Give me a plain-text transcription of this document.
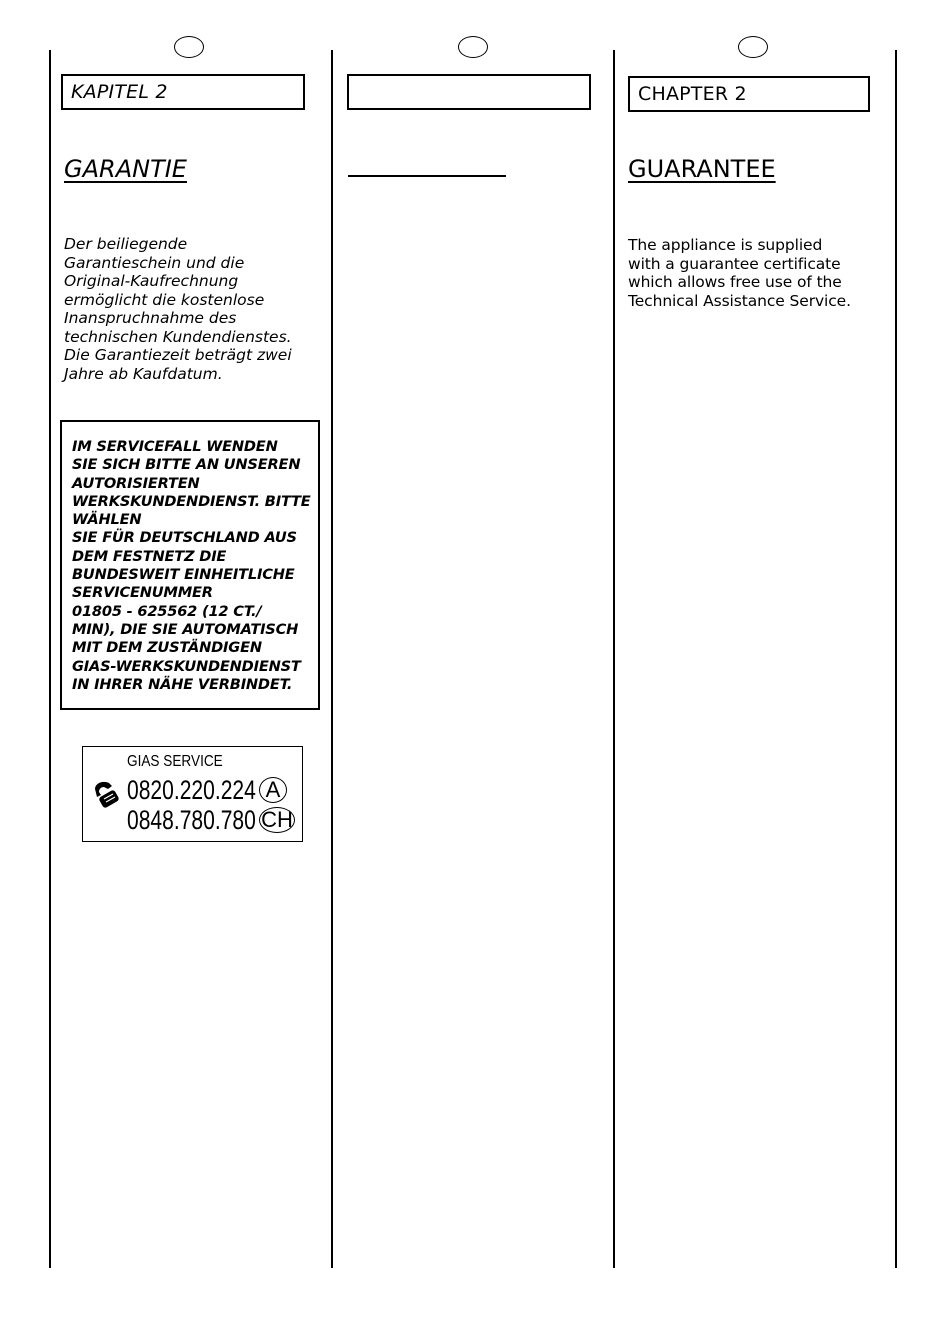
KAPITEL 2
GARANTIE

Der beiliegende
Garantieschein und die
Original-Kaufrechnung
ermöglicht die kostenlose
Inanspruchnahme des
technischen Kundendienstes.
Die Garantiezeit beträgt zwei
Jahre ab Kaufdatum.

IM SERVICEFALL WENDEN
SIE SICH BITTE AN UNSEREN
AUTORISIERTEN
WERKSKUNDENDIENST. BITTE
WÄHLEN
SIE FÜR DEUTSCHLAND AUS
DEM FESTNETZ DIE
BUNDESWEIT EINHEITLICHE
SERVICENUMMER
01805 - 625562 (12 CT./
MIN), DIE SIE AUTOMATISCH
MIT DEM ZUSTÄNDIGEN
GIAS-WERKSKUNDENDIENST
IN IHRER NÄHE VERBINDET.

GIAS SERVICE
0820.220.224 A
0848.780.780 CH
CHAPTER 2
GUARANTEE

The appliance is supplied
with a guarantee certificate
which allows free use of the
Technical Assistance Service.
